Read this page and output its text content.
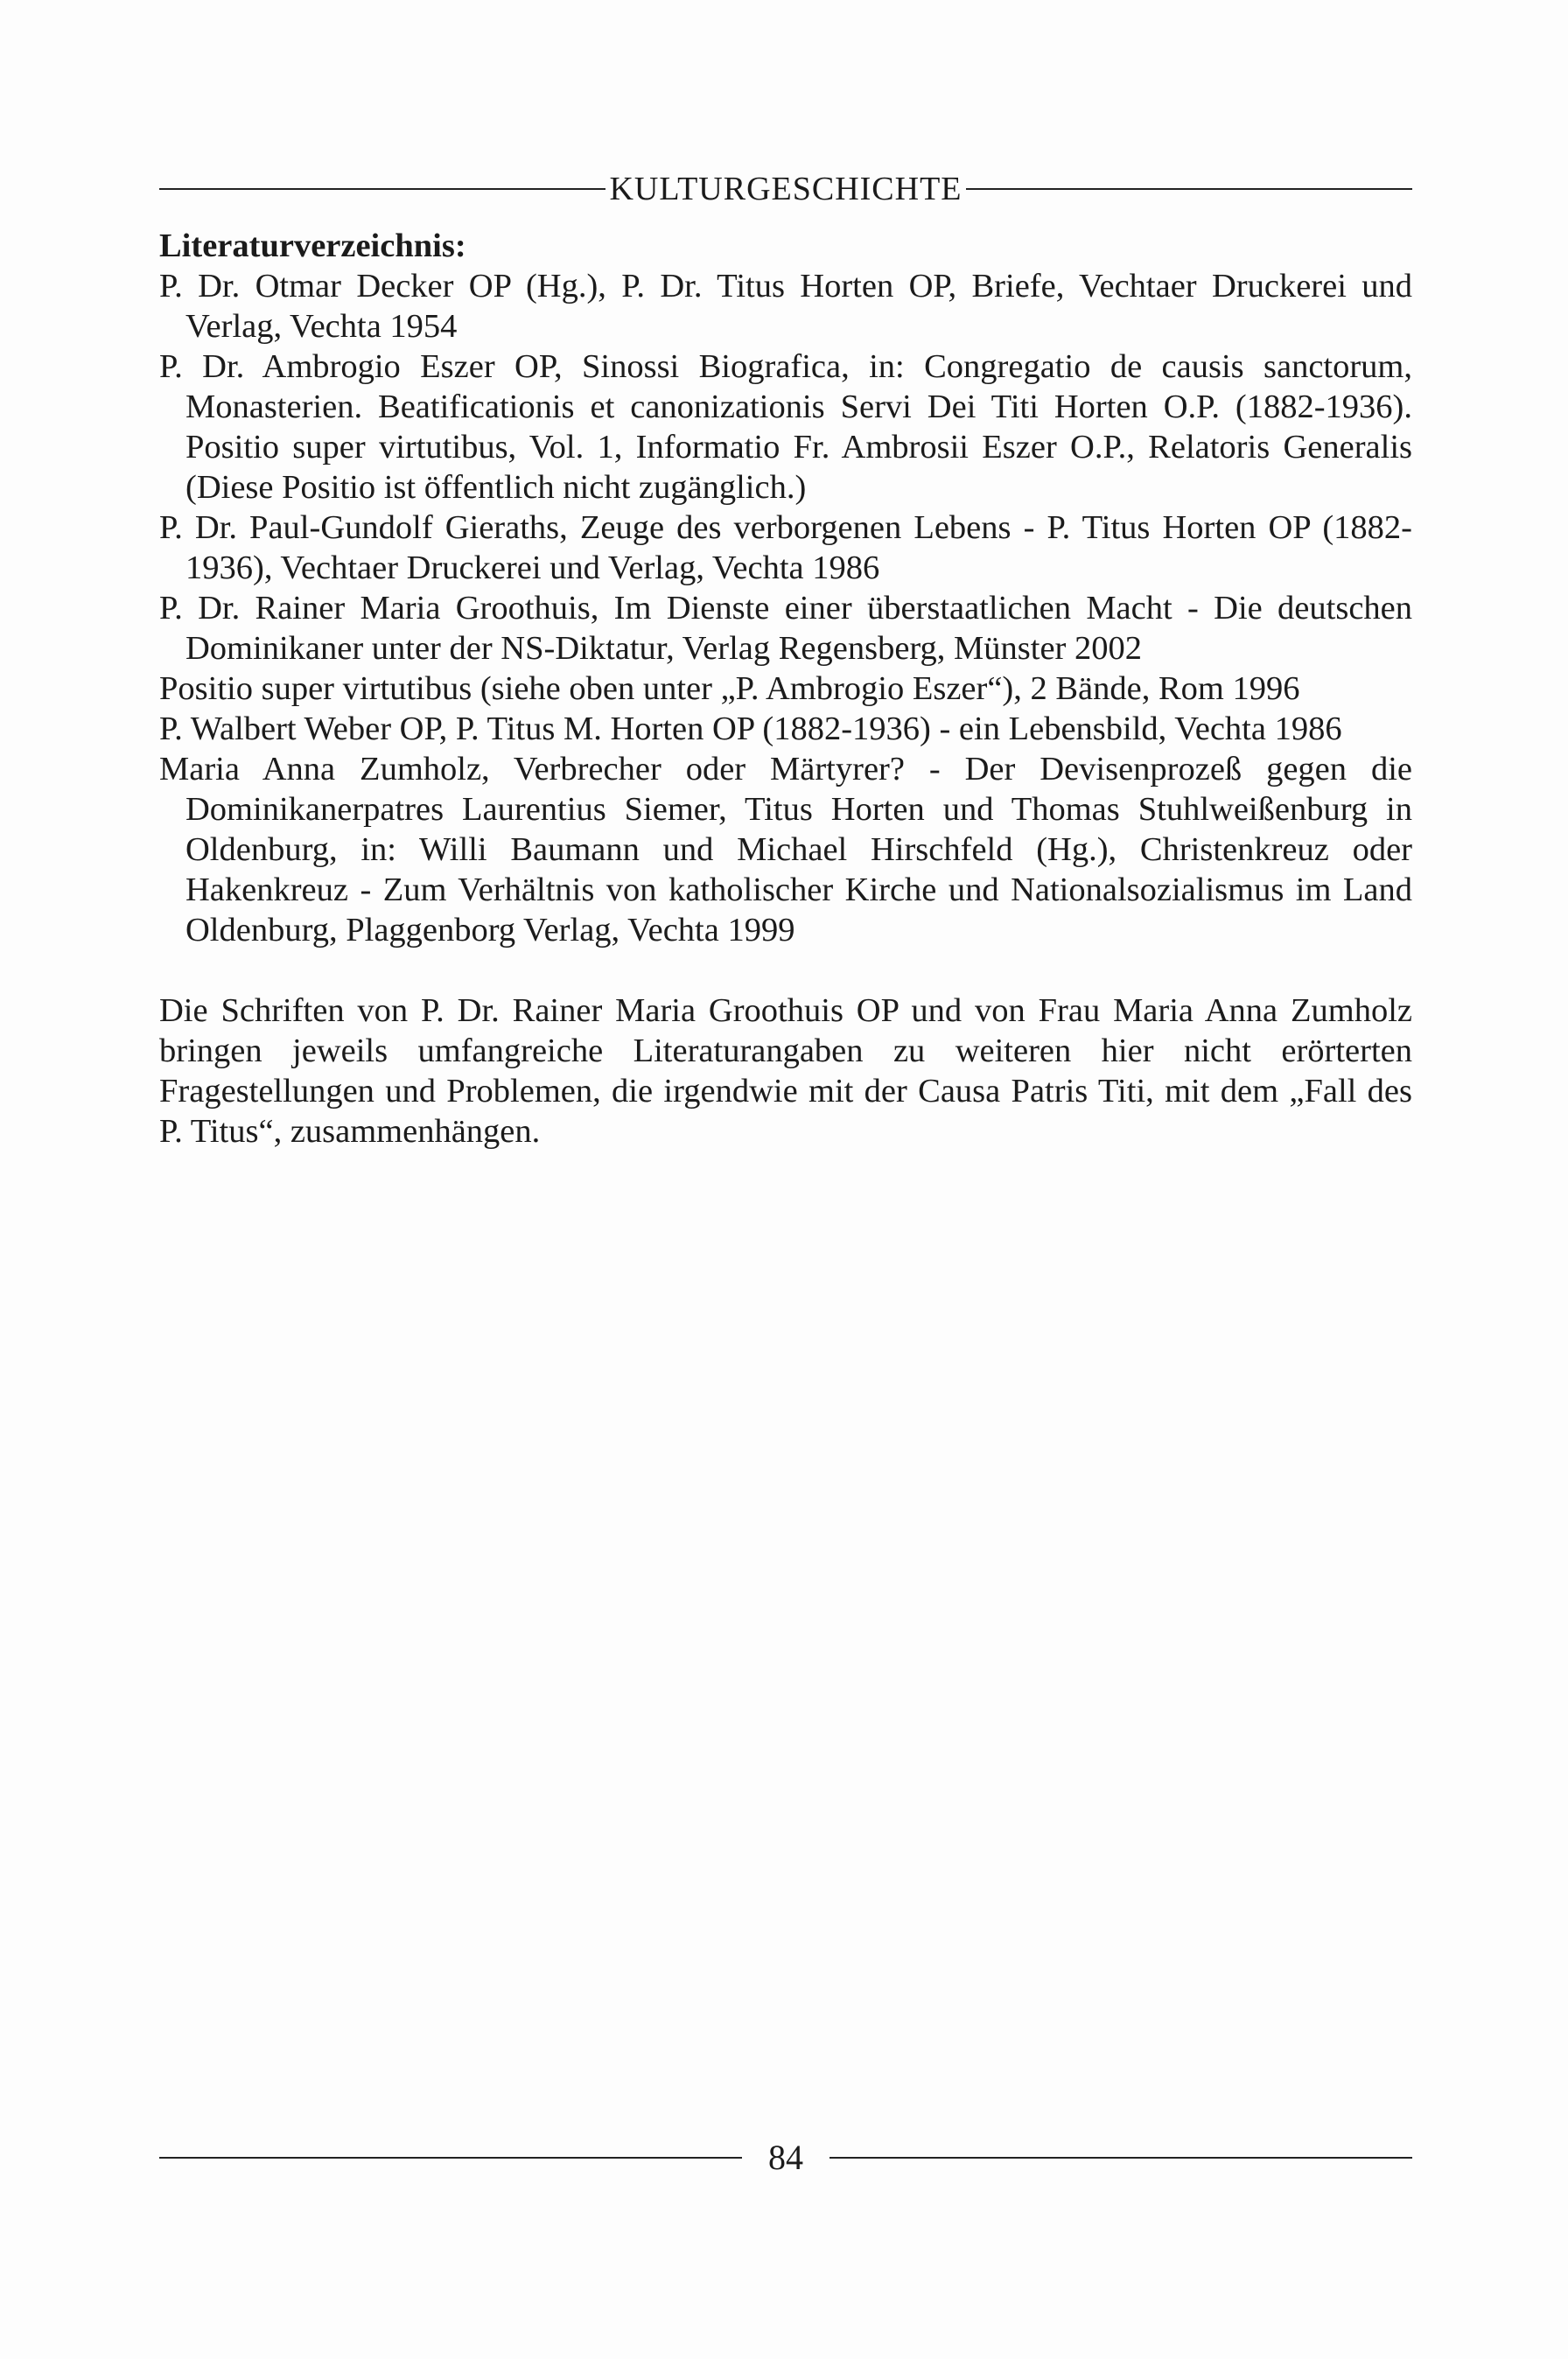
KULTURGESCHICHTE

Literaturverzeichnis:

P. Dr. Otmar Decker OP (Hg.), P. Dr. Titus Horten OP, Briefe, Vechtaer Druckerei und Verlag, Vechta 1954
P. Dr. Ambrogio Eszer OP, Sinossi Biografica, in: Congregatio de causis sanctorum, Monasterien. Beatificationis et canonizationis Servi Dei Titi Horten O.P. (1882-1936). Positio super virtutibus, Vol. 1, Informatio Fr. Ambrosii Eszer O.P., Relatoris Generalis (Diese Positio ist öffentlich nicht zugänglich.)
P. Dr. Paul-Gundolf Gieraths, Zeuge des verborgenen Lebens - P. Titus Horten OP (1882-1936), Vechtaer Druckerei und Verlag, Vechta 1986
P. Dr. Rainer Maria Groothuis, Im Dienste einer überstaatlichen Macht - Die deutschen Dominikaner unter der NS-Diktatur, Verlag Regensberg, Münster 2002
Positio super virtutibus (siehe oben unter „P. Ambrogio Eszer“), 2 Bände, Rom 1996
P. Walbert Weber OP, P. Titus M. Horten OP (1882-1936) - ein Lebensbild, Vechta 1986
Maria Anna Zumholz, Verbrecher oder Märtyrer? - Der Devisenprozeß gegen die Dominikanerpatres Laurentius Siemer, Titus Horten und Thomas Stuhlweißenburg in Oldenburg, in: Willi Baumann und Michael Hirschfeld (Hg.), Christenkreuz oder Hakenkreuz - Zum Verhältnis von katholischer Kirche und Nationalsozialismus im Land Oldenburg, Plaggenborg Verlag, Vechta 1999

Die Schriften von P. Dr. Rainer Maria Groothuis OP und von Frau Maria Anna Zumholz bringen jeweils umfangreiche Literaturangaben zu weiteren hier nicht erörterten Fragestellungen und Problemen, die irgendwie mit der Causa Patris Titi, mit dem „Fall des P. Titus“, zusammenhängen.

84
